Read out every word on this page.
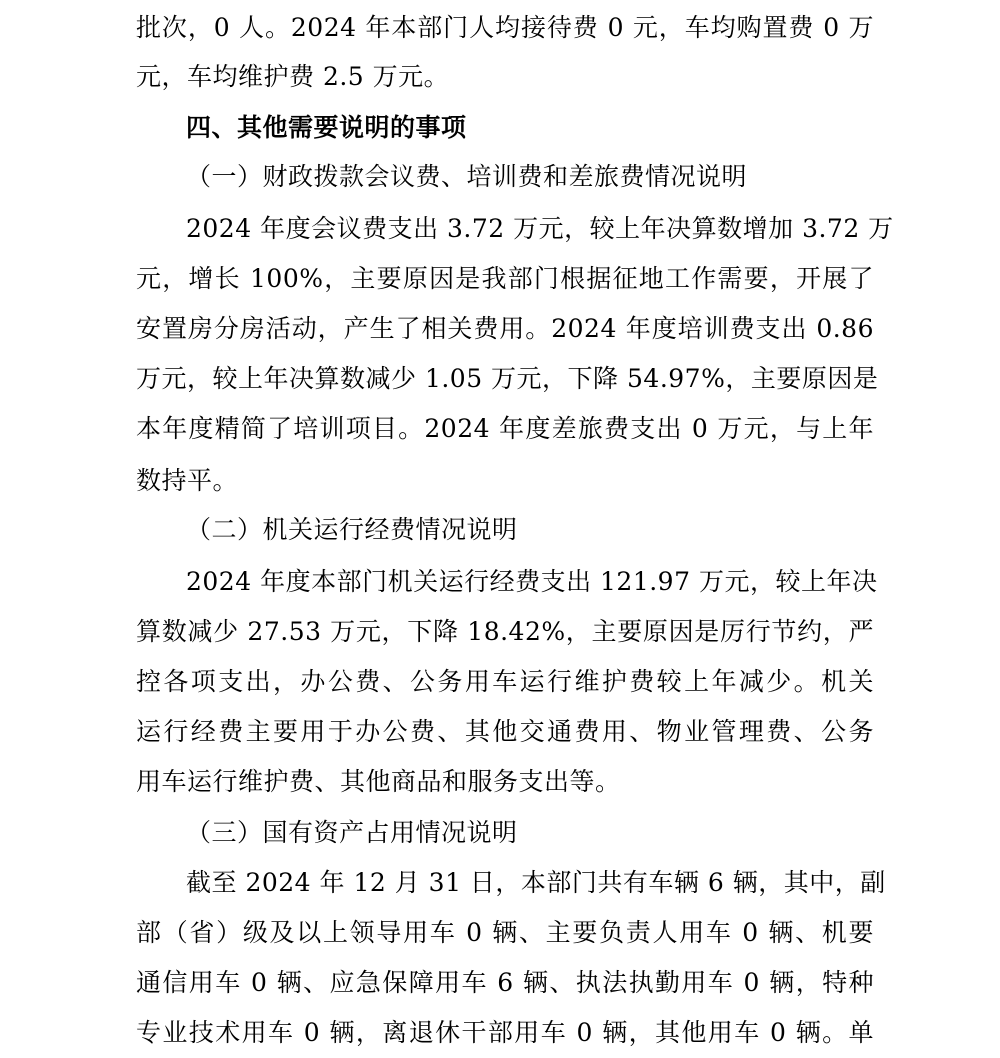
批次，0 人。2024 年本部门人均接待费 0 元，车均购置费 0 万
元，车均维护费 2.5 万元。
四、其他需要说明的事项
（一）财政拨款会议费、培训费和差旅费情况说明
2024 年度会议费支出 3.72 万元，较上年决算数增加 3.72 万
元，增长 100%，主要原因是我部门根据征地工作需要，开展了
安置房分房活动，产生了相关费用。2024 年度培训费支出 0.86
万元，较上年决算数减少 1.05 万元，下降 54.97%，主要原因是
本年度精简了培训项目。2024 年度差旅费支出 0 万元，与上年
数持平。
（二）机关运行经费情况说明
2024 年度本部门机关运行经费支出 121.97 万元，较上年决
算数减少 27.53 万元，下降 18.42%，主要原因是厉行节约，严
控各项支出，办公费、公务用车运行维护费较上年减少。机关
运行经费主要用于办公费、其他交通费用、物业管理费、公务
用车运行维护费、其他商品和服务支出等。
（三）国有资产占用情况说明
截至 2024 年 12 月 31 日，本部门共有车辆 6 辆，其中，副
部（省）级及以上领导用车 0 辆、主要负责人用车 0 辆、机要
通信用车 0 辆、应急保障用车 6 辆、执法执勤用车 0 辆，特种
专业技术用车 0 辆，离退休干部用车 0 辆，其他用车 0 辆。单
